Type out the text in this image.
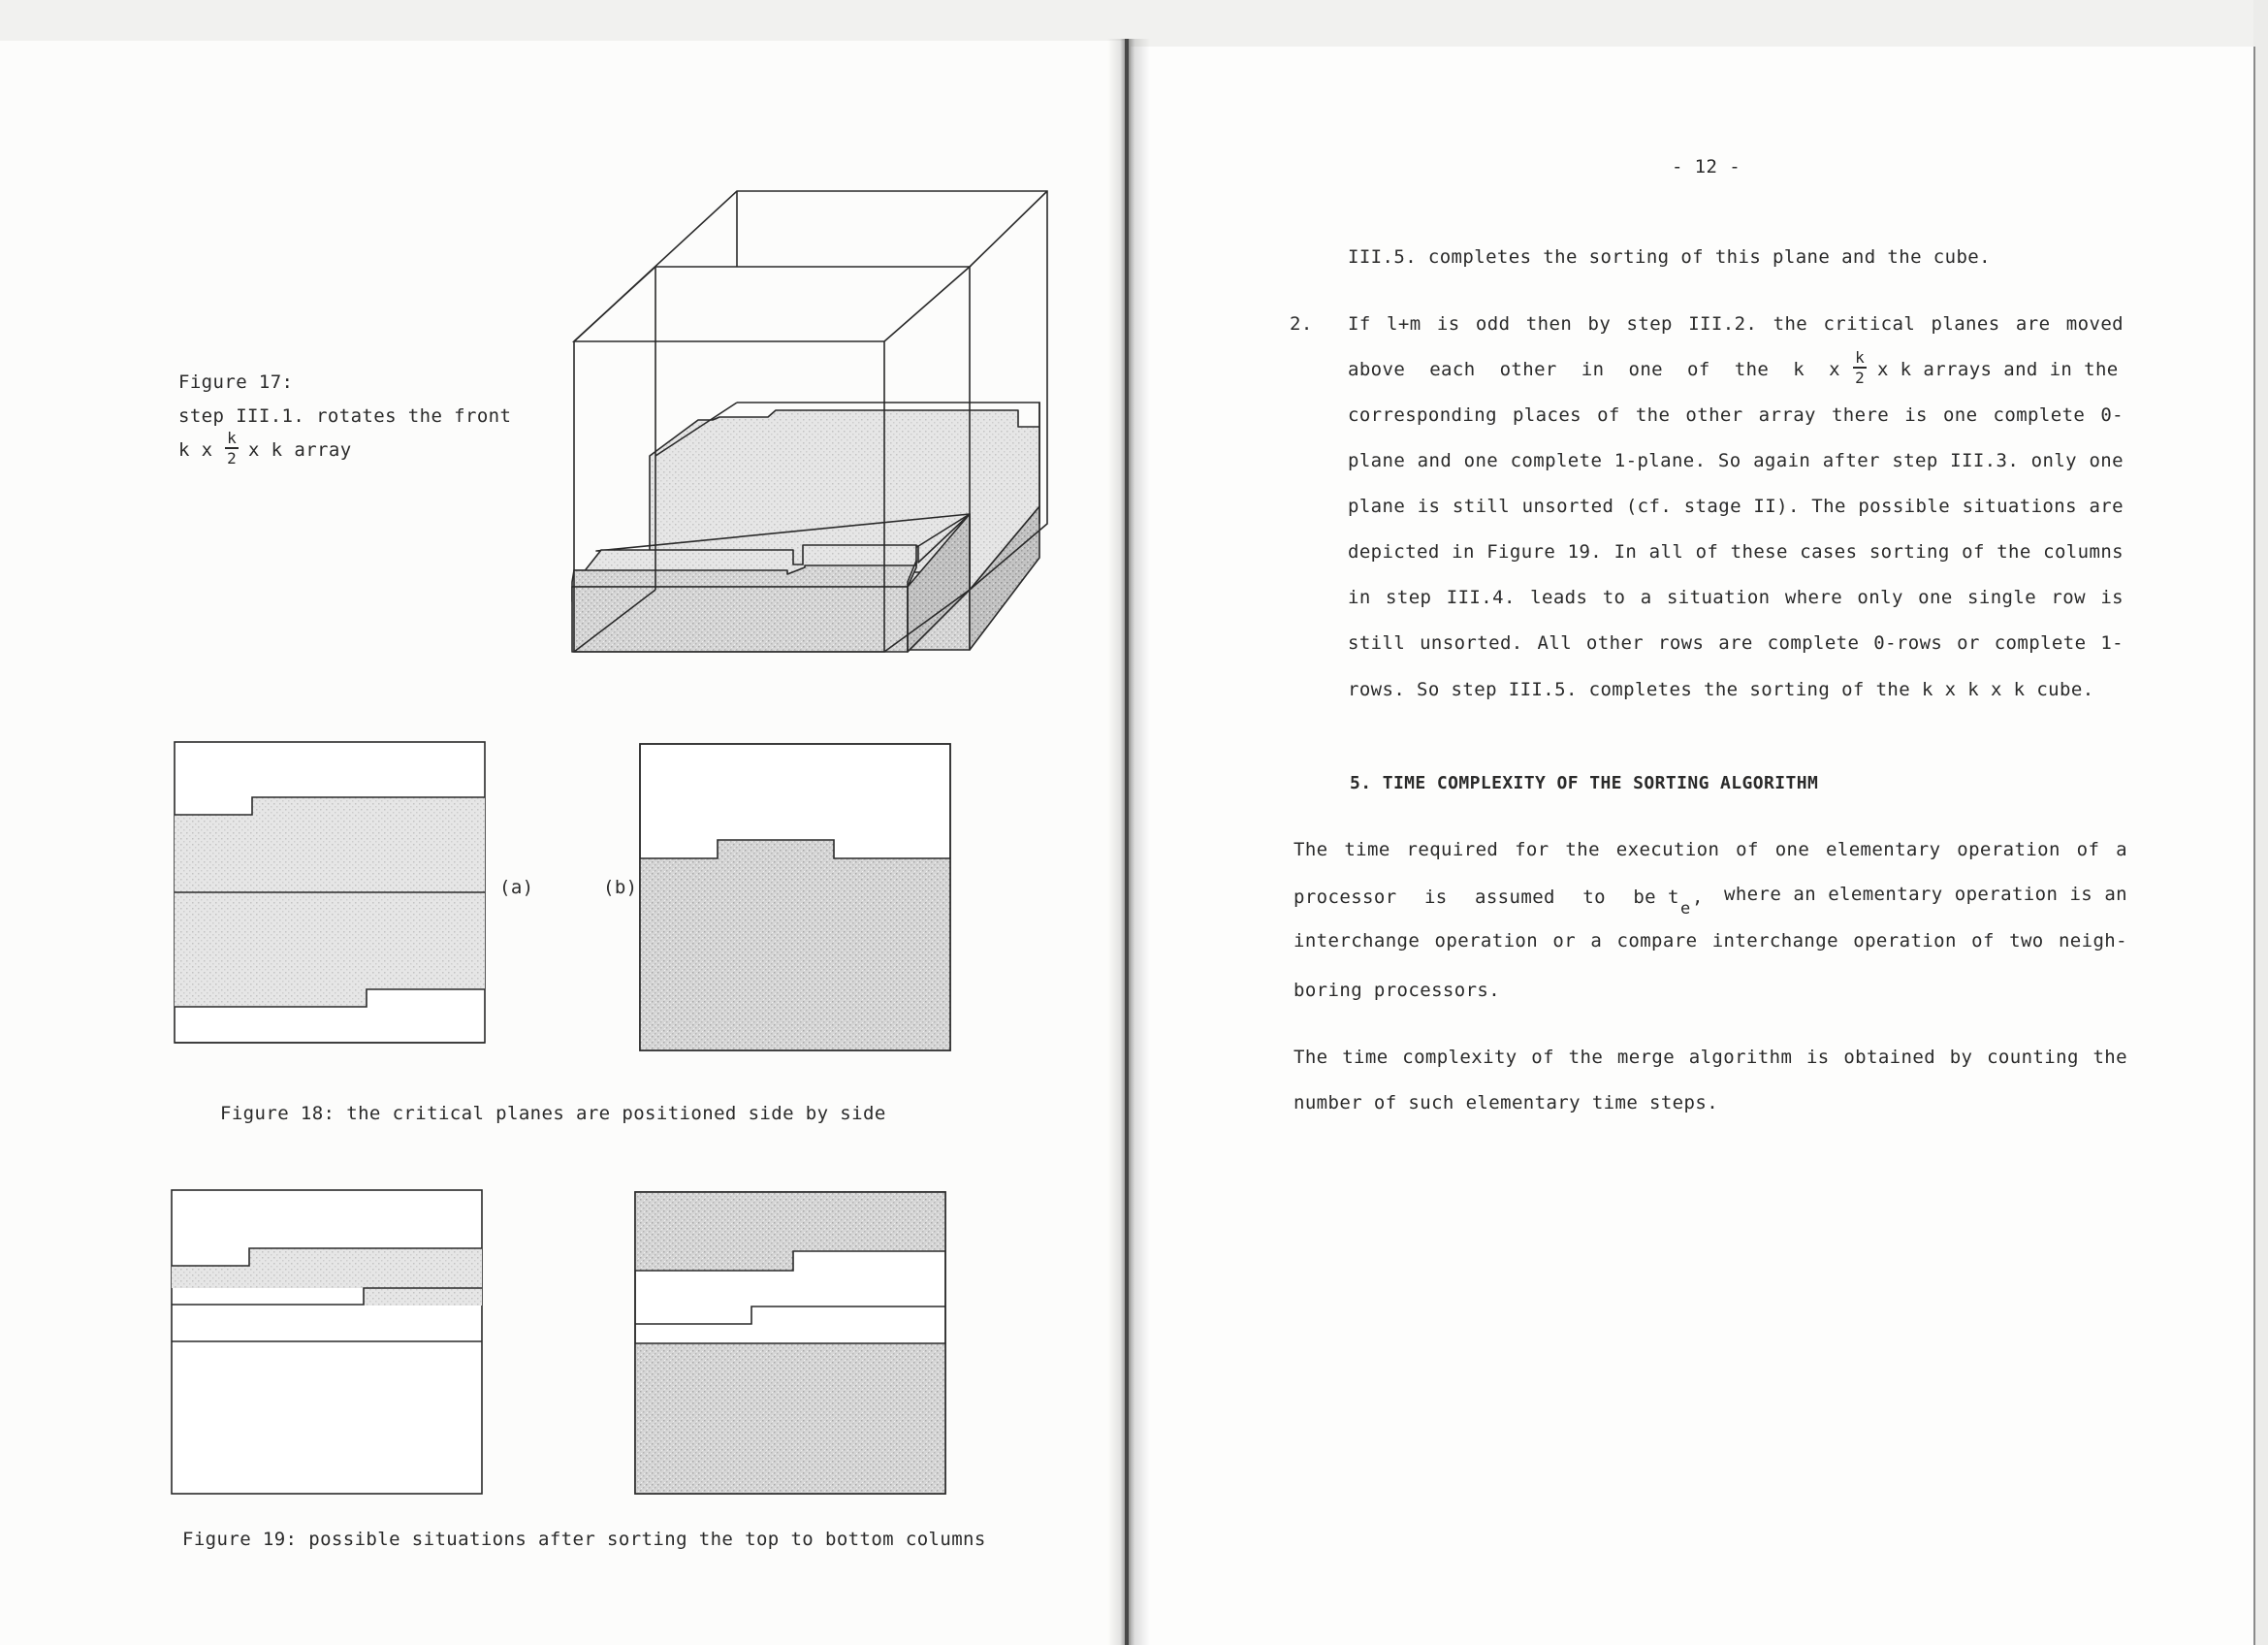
Figure 17:
step III.1. rotates the front
k x
k
2 x k array
(a)	(b)
Figure 18: the critical planes are positioned side by side
Figure 19: possible situations after sorting the top to bottom columns
- 12 -
III.5. completes the sorting of this plane and the cube.
2. If l+m is odd then by step III.2. the critical planes are moved
above each other in one of the k x
k
2 x k arrays and in the
corresponding places of the other array there is one complete 0-
plane and one complete 1-plane. So again after step III.3. only one
plane is still unsorted (cf. stage II). The possible situations are
depicted in Figure 19. In all of these cases sorting of the columns
in step III.4. leads to a situation where only one single row is
still unsorted. All other rows are complete 0-rows or complete 1-
rows. So step III.5. completes the sorting of the k x k x k cube.
5. TIME COMPLEXITY OF THE SORTING ALGORITHM
The time required for the execution of one elementary operation of a
processor is assumed to be t
e
, where an elementary operation is an
interchange operation or a compare interchange operation of two neigh-
boring processors.
The time complexity of the merge algorithm is obtained by counting the
number of such elementary time steps.
